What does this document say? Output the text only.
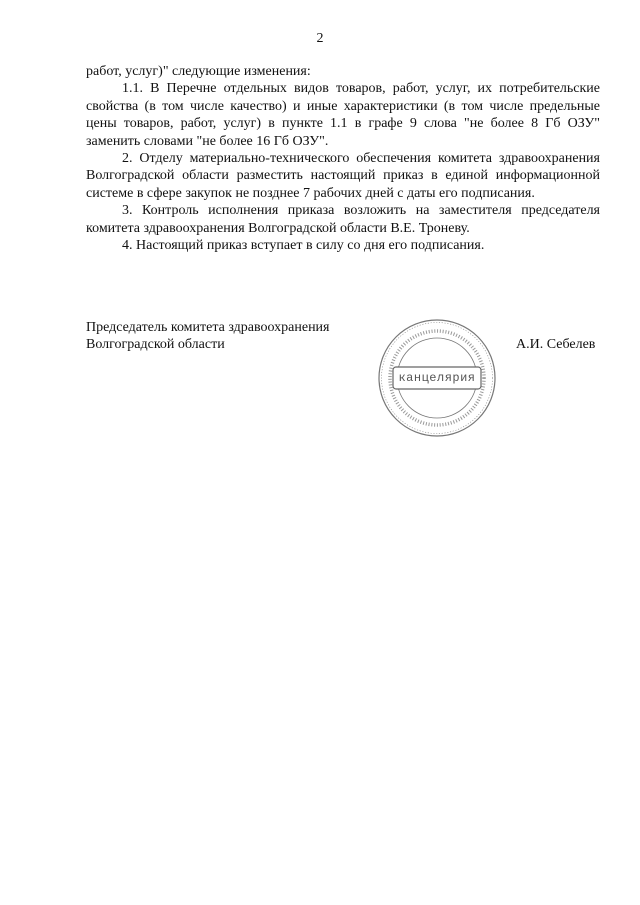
2

работ, услуг)" следующие изменения:

1.1. В Перечне отдельных видов товаров, работ, услуг, их потребительские свойства (в том числе качество) и иные характеристики (в том числе предельные цены товаров, работ, услуг) в пункте 1.1 в графе 9 слова "не более 8 Гб ОЗУ" заменить словами "не более 16 Гб ОЗУ".

2. Отделу материально-технического обеспечения комитета здравоохранения Волгоградской области разместить настоящий приказ в единой информационной системе в сфере закупок не позднее 7 рабочих дней с даты его подписания.

3. Контроль исполнения приказа возложить на заместителя председателя комитета здравоохранения Волгоградской области В.Е. Троневу.

4. Настоящий приказ вступает в силу со дня его подписания.

Председатель комитета здравоохранения
Волгоградской области
канцелярия
А.И. Себелев
